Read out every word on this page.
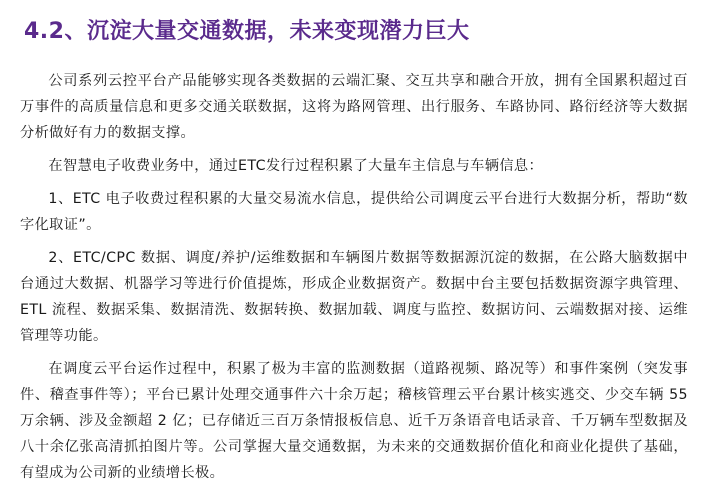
4.2、沉淀大量交通数据，未来变现潜力巨大

公司系列云控平台产品能够实现各类数据的云端汇聚、交互共享和融合开放，拥有全国累积超过百万事件的高质量信息和更多交通关联数据，这将为路网管理、出行服务、车路协同、路衍经济等大数据分析做好有力的数据支撑。

在智慧电子收费业务中，通过ETC发行过程积累了大量车主信息与车辆信息：

1、ETC 电子收费过程积累的大量交易流水信息，提供给公司调度云平台进行大数据分析，帮助“数字化取证”。

2、ETC/CPC 数据、调度/养护/运维数据和车辆图片数据等数据源沉淀的数据，在公路大脑数据中台通过大数据、机器学习等进行价值提炼，形成企业数据资产。数据中台主要包括数据资源字典管理、ETL 流程、数据采集、数据清洗、数据转换、数据加载、调度与监控、数据访问、云端数据对接、运维管理等功能。

在调度云平台运作过程中，积累了极为丰富的监测数据（道路视频、路况等）和事件案例（突发事件、稽查事件等）；平台已累计处理交通事件六十余万起；稽核管理云平台累计核实逃交、少交车辆 55 万余辆、涉及金额超 2 亿；已存储近三百万条情报板信息、近千万条语音电话录音、千万辆车型数据及八十余亿张高清抓拍图片等。公司掌握大量交通数据，为未来的交通数据价值化和商业化提供了基础，有望成为公司新的业绩增长极。
